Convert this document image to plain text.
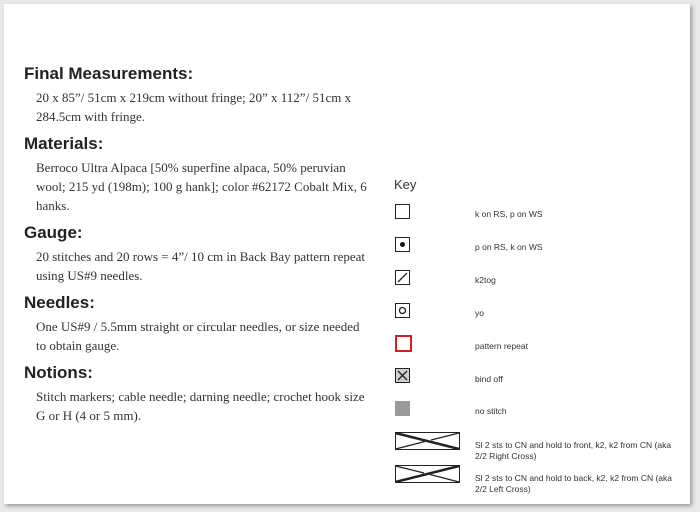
Final Measurements:
20 x 85”/ 51cm x 219cm without fringe; 20” x 112”/ 51cm x 284.5cm with fringe.
Materials:
Berroco Ultra Alpaca [50% superfine alpaca, 50% peruvian wool; 215 yd (198m); 100 g hank]; color #62172 Cobalt Mix, 6 hanks.
Gauge:
20 stitches and 20 rows = 4”/ 10 cm in Back Bay pattern repeat using US#9 needles.
Needles:
One US#9 / 5.5mm straight or circular needles, or size needed to obtain gauge.
Notions:
Stitch markers; cable needle; darning needle; crochet hook size G or H (4 or 5 mm).
Key
k on RS, p on WS
p on RS, k on WS
k2tog
yo
pattern repeat
bind off
no stitch
Sl 2 sts to CN and hold to front, k2, k2 from CN (aka 2/2 Right Cross)
Sl 2 sts to CN and hold to back, k2, k2 from CN (aka 2/2 Left Cross)
